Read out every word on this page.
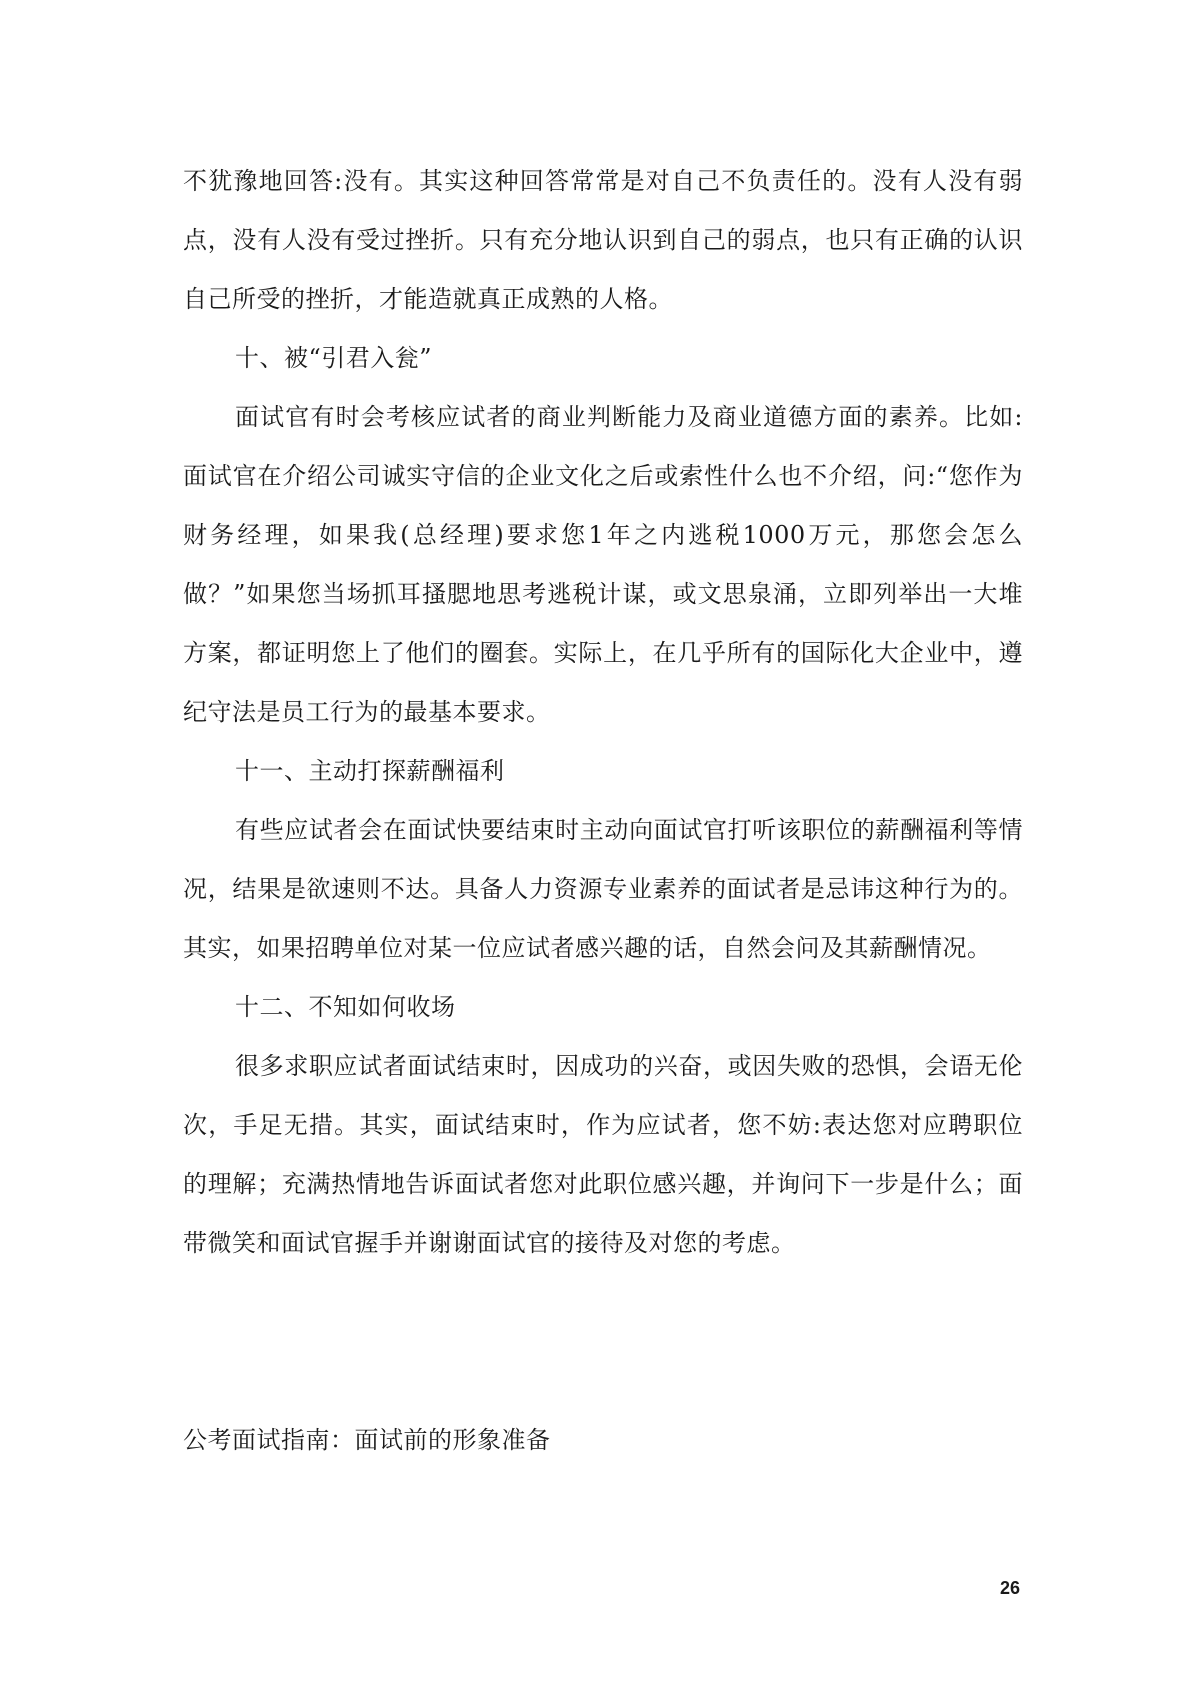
不犹豫地回答:没有。其实这种回答常常是对自己不负责任的。没有人没有弱点，没有人没有受过挫折。只有充分地认识到自己的弱点，也只有正确的认识自己所受的挫折，才能造就真正成熟的人格。

十、被“引君入瓮”

面试官有时会考核应试者的商业判断能力及商业道德方面的素养。比如:面试官在介绍公司诚实守信的企业文化之后或索性什么也不介绍，问:“您作为财务经理，如果我(总经理)要求您1年之内逃税1000万元，那您会怎么做？”如果您当场抓耳搔腮地思考逃税计谋，或文思泉涌，立即列举出一大堆方案，都证明您上了他们的圈套。实际上，在几乎所有的国际化大企业中，遵纪守法是员工行为的最基本要求。

十一、主动打探薪酬福利

有些应试者会在面试快要结束时主动向面试官打听该职位的薪酬福利等情况，结果是欲速则不达。具备人力资源专业素养的面试者是忌讳这种行为的。其实，如果招聘单位对某一位应试者感兴趣的话，自然会问及其薪酬情况。

十二、不知如何收场

很多求职应试者面试结束时，因成功的兴奋，或因失败的恐惧，会语无伦次，手足无措。其实，面试结束时，作为应试者，您不妨:表达您对应聘职位的理解；充满热情地告诉面试者您对此职位感兴趣，并询问下一步是什么；面带微笑和面试官握手并谢谢面试官的接待及对您的考虑。

公考面试指南：面试前的形象准备

26
